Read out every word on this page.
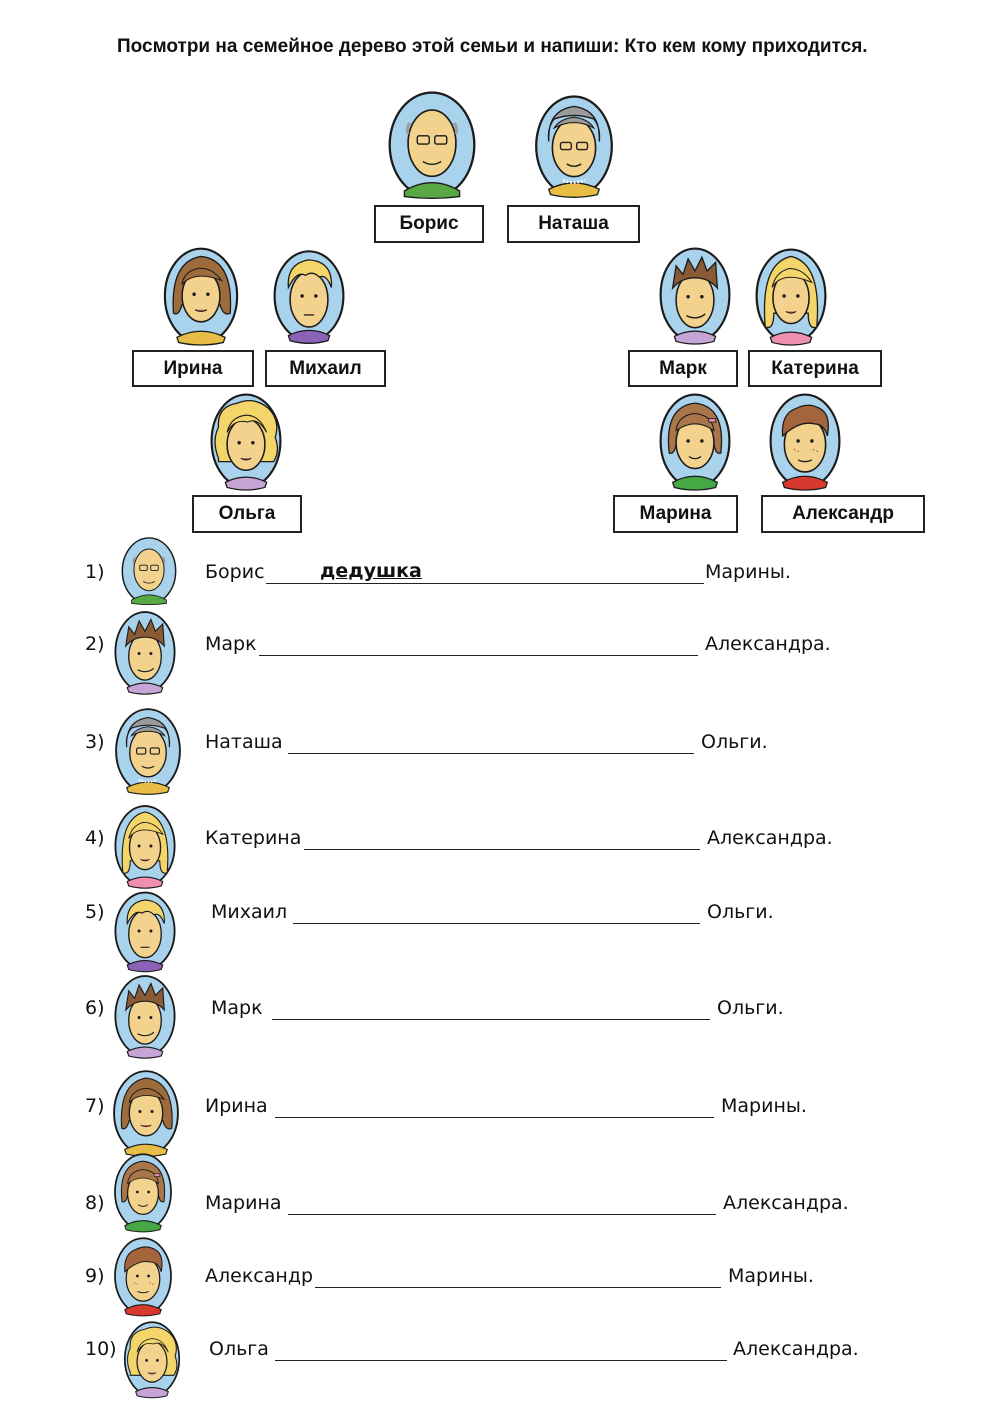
Посмотри на семейное дерево этой семьи и напиши: Кто кем кому приходится.
Борис	Наташа
Ирина	Михаил	Марк	Катерина
Ольга	Марина	Александр
1)	Борис	дедушка	Марины.
2)	Марк	Александра.
3)	Наташа	Ольги.
4)	Катерина	Александра.
5)	Михаил	Ольги.
6)	Марк	Ольги.
7)	Ирина	Марины.
8)	Марина	Александра.
9)	Александр	Марины.
10)	Ольга	Александра.
